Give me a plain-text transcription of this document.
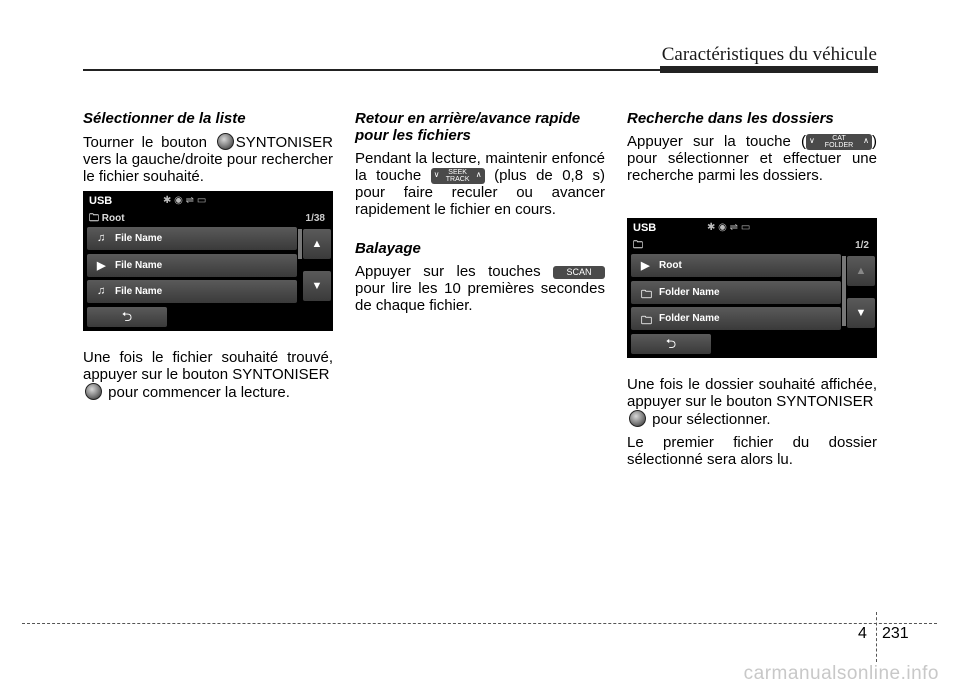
Caractéristiques du véhicule
Sélectionner de la liste

Tourner le bouton SYNTONISER vers la gauche/droite pour rechercher le fichier souhaité.

USB	✱ ◉ ⇌ ▭
🗀 Root	1/38
♫ File Name
▶ File Name
♫ File Name
▲
▼
⮌

Une fois le fichier souhaité trouvé, appuyer sur le bouton SYNTONISER
pour commencer la lecture.

Retour en arrière/avance rapide pour les fichiers

Pendant la lecture, maintenir enfoncé la touche ∨ SEEK
TRACK
∧ (plus de 0,8 s) pour faire reculer ou avancer rapidement le fichier en cours.

Balayage

Appuyer sur les touches	SCAN pour lire les 10 premières secondes de chaque fichier.

Recherche dans les dossiers

Appuyer sur la touche ( ∨ CAT
FOLDER
∧ ) pour sélectionner et effectuer une recherche parmi les dossiers.

USB	✱ ◉ ⇌ ▭
🗀	1/2
▶ Root
🗀 Folder Name
🗀 Folder Name
▲
▼
⮌

Une fois le dossier souhaité affichée, appuyer sur le bouton SYNTONISER
pour sélectionner.

Le premier fichier du dossier sélectionné sera alors lu.

4 231
carmanualsonline.info
